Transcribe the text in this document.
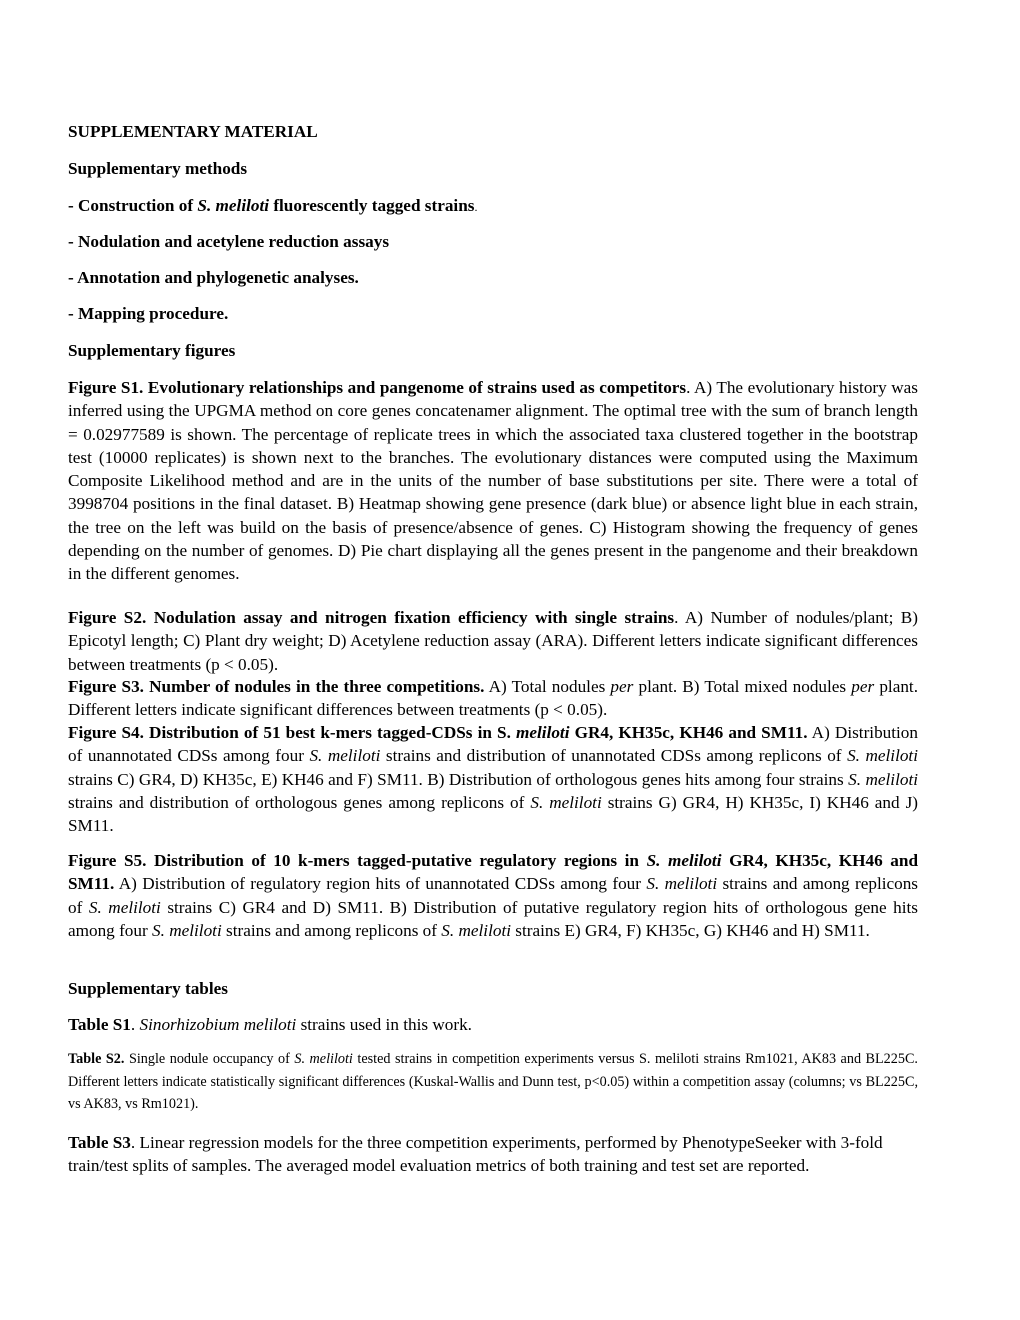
SUPPLEMENTARY MATERIAL
Supplementary methods
- Construction of S. meliloti fluorescently tagged strains.
- Nodulation and acetylene reduction assays
- Annotation and phylogenetic analyses.
- Mapping procedure.
Supplementary figures
Figure S1. Evolutionary relationships and pangenome of strains used as competitors. A) The evolutionary history was inferred using the UPGMA method on core genes concatenamer alignment. The optimal tree with the sum of branch length = 0.02977589 is shown. The percentage of replicate trees in which the associated taxa clustered together in the bootstrap test (10000 replicates) is shown next to the branches. The evolutionary distances were computed using the Maximum Composite Likelihood method and are in the units of the number of base substitutions per site. There were a total of 3998704 positions in the final dataset. B) Heatmap showing gene presence (dark blue) or absence light blue in each strain, the tree on the left was build on the basis of presence/absence of genes. C) Histogram showing the frequency of genes depending on the number of genomes. D) Pie chart displaying all the genes present in the pangenome and their breakdown in the different genomes.
Figure S2. Nodulation assay and nitrogen fixation efficiency with single strains. A) Number of nodules/plant; B) Epicotyl length; C) Plant dry weight; D) Acetylene reduction assay (ARA). Different letters indicate significant differences between treatments (p < 0.05).
Figure S3. Number of nodules in the three competitions. A) Total nodules per plant. B) Total mixed nodules per plant. Different letters indicate significant differences between treatments (p < 0.05).
Figure S4. Distribution of 51 best k-mers tagged-CDSs in S. meliloti GR4, KH35c, KH46 and SM11. A) Distribution of unannotated CDSs among four S. meliloti strains and distribution of unannotated CDSs among replicons of S. meliloti strains C) GR4, D) KH35c, E) KH46 and F) SM11. B) Distribution of orthologous genes hits among four strains S. meliloti strains and distribution of orthologous genes among replicons of S. meliloti strains G) GR4, H) KH35c, I) KH46 and J) SM11.
Figure S5. Distribution of 10 k-mers tagged-putative regulatory regions in S. meliloti GR4, KH35c, KH46 and SM11. A) Distribution of regulatory region hits of unannotated CDSs among four S. meliloti strains and among replicons of S. meliloti strains C) GR4 and D) SM11. B) Distribution of putative regulatory region hits of orthologous gene hits among four S. meliloti strains and among replicons of S. meliloti strains E) GR4, F) KH35c, G) KH46 and H) SM11.
Supplementary tables
Table S1. Sinorhizobium meliloti strains used in this work.
Table S2. Single nodule occupancy of S. meliloti tested strains in competition experiments versus S. meliloti strains Rm1021, AK83 and BL225C. Different letters indicate statistically significant differences (Kuskal-Wallis and Dunn test, p<0.05) within a competition assay (columns; vs BL225C, vs AK83, vs Rm1021).
Table S3. Linear regression models for the three competition experiments, performed by PhenotypeSeeker with 3-fold train/test splits of samples. The averaged model evaluation metrics of both training and test set are reported.
